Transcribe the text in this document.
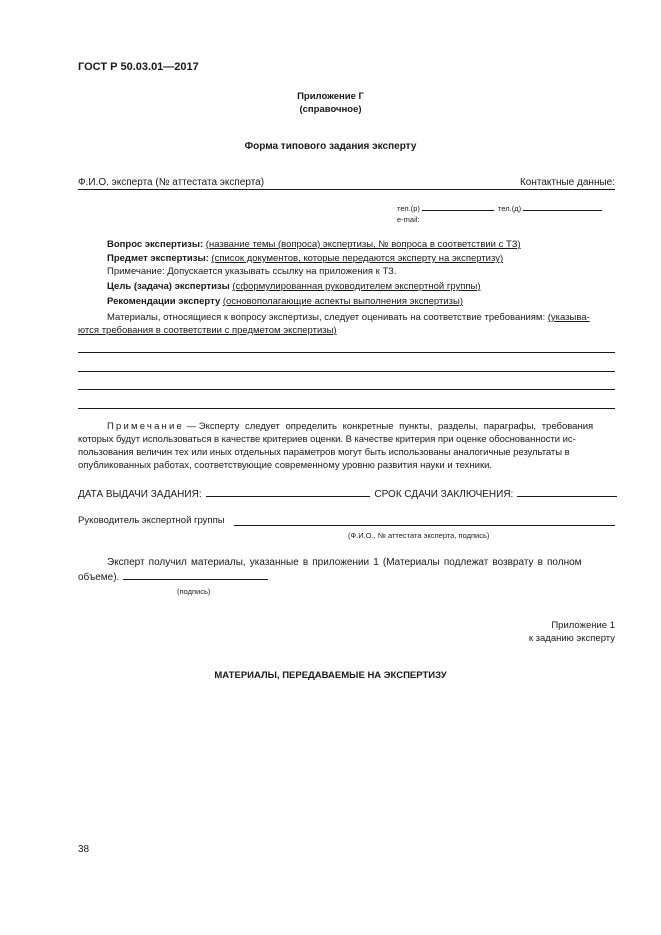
ГОСТ Р 50.03.01—2017
Приложение Г
(справочное)
Форма типового задания эксперту
Ф.И.О. эксперта (№ аттестата эксперта)	Контактные данные:
тел.(р)	тел.(д)
e-mail:
Вопрос экспертизы: (название темы (вопроса) экспертизы, № вопроса в соответствии с ТЗ)
Предмет экспертизы: (список документов, которые передаются эксперту на экспертизу)
Примечание: Допускается указывать ссылку на приложения к ТЗ.
Цель (задача) экспертизы (сформулированная руководителем экспертной группы)
Рекомендации эксперту (основополагающие аспекты выполнения экспертизы)
Материалы, относящиеся к вопросу экспертизы, следует оценивать на соответствие требованиям: (указыва-
ются требования в соответствии с предметом экспертизы)

Примечание — Эксперту следует определить конкретные пункты, разделы, параграфы, требования

которых будут использоваться в качестве критериев оценки. В качестве критерия при оценке обоснованности ис-

пользования величин тех или иных отдельных параметров могут быть использованы аналогичные результаты в

опубликованных работах, соответствующие современному уровню развития науки и техники.

ДАТА ВЫДАЧИ ЗАДАНИЯ:	СРОК СДАЧИ ЗАКЛЮЧЕНИЯ:
Руководитель экспертной группы
(Ф.И.О., № аттестата эксперта, подпись)
Эксперт получил материалы, указанные в приложении 1 (Материалы подлежат возврату в полном
объеме).
(подпись)
Приложение 1
к заданию эксперту
МАТЕРИАЛЫ, ПЕРЕДАВАЕМЫЕ НА ЭКСПЕРТИЗУ
38
